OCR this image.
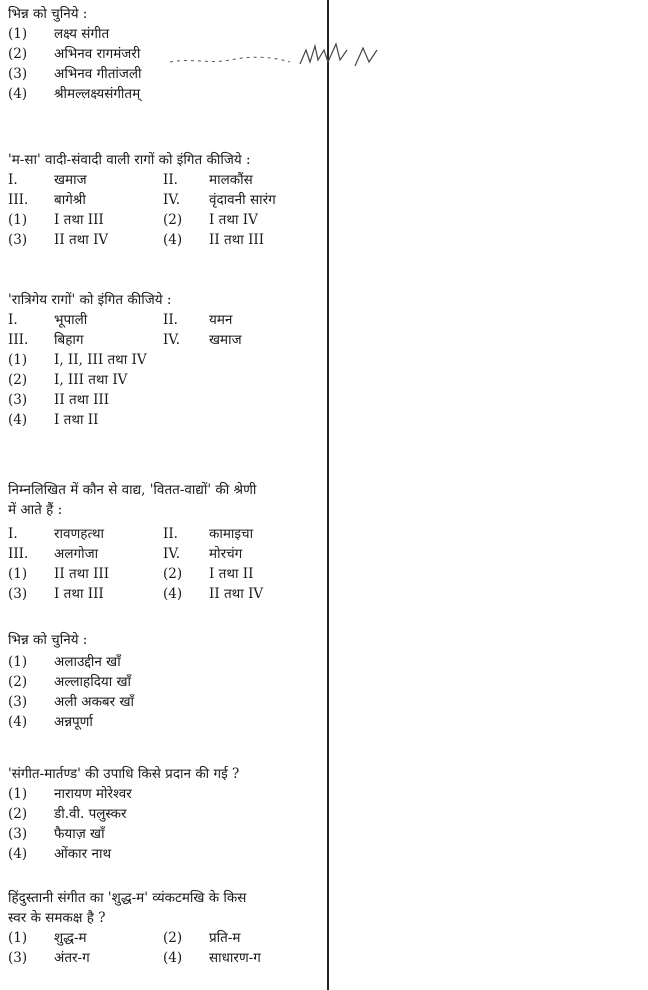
भिन्न को चुनिये :
(1)	लक्ष्य संगीत
(2)	अभिनव रागमंजरी
(3)	अभिनव गीतांजली
(4)	श्रीमल्लक्ष्यसंगीतम्
'म-सा' वादी-संवादी वाली रागों को इंगित कीजिये :
I.	खमाज	II.	मालकौंस
III.	बागेश्री	IV.	वृंदावनी सारंग
(1)	I तथा III	(2)	I तथा IV
(3)	II तथा IV	(4)	II तथा III
'रात्रिगेय रागों' को इंगित कीजिये :
I.	भूपाली	II.	यमन
III.	बिहाग	IV.	खमाज
(1)	I, II, III तथा IV
(2)	I, III तथा IV
(3)	II तथा III
(4)	I तथा II
निम्नलिखित में कौन से वाद्य, 'वितत-वाद्यों' की श्रेणी
में आते हैं :
I.	रावणहत्था	II.	कामाइचा
III.	अलगोजा	IV.	मोरचंग
(1)	II तथा III	(2)	I तथा II
(3)	I तथा III	(4)	II तथा IV
भिन्न को चुनिये :
(1)	अलाउद्दीन खाँ
(2)	अल्लाहदिया खाँ
(3)	अली अकबर खाँ
(4)	अन्नपूर्णा
'संगीत-मार्तण्ड' की उपाधि किसे प्रदान की गई ?
(1)	नारायण मोरेश्वर
(2)	डी.वी. पलुस्कर
(3)	फैयाज़ खाँ
(4)	ओंकार नाथ
हिंदुस्तानी संगीत का 'शुद्ध-म' व्यंकटमखि के किस
स्वर के समकक्ष है ?
(1)	शुद्ध-म	(2)	प्रति-म
(3)	अंतर-ग	(4)	साधारण-ग
